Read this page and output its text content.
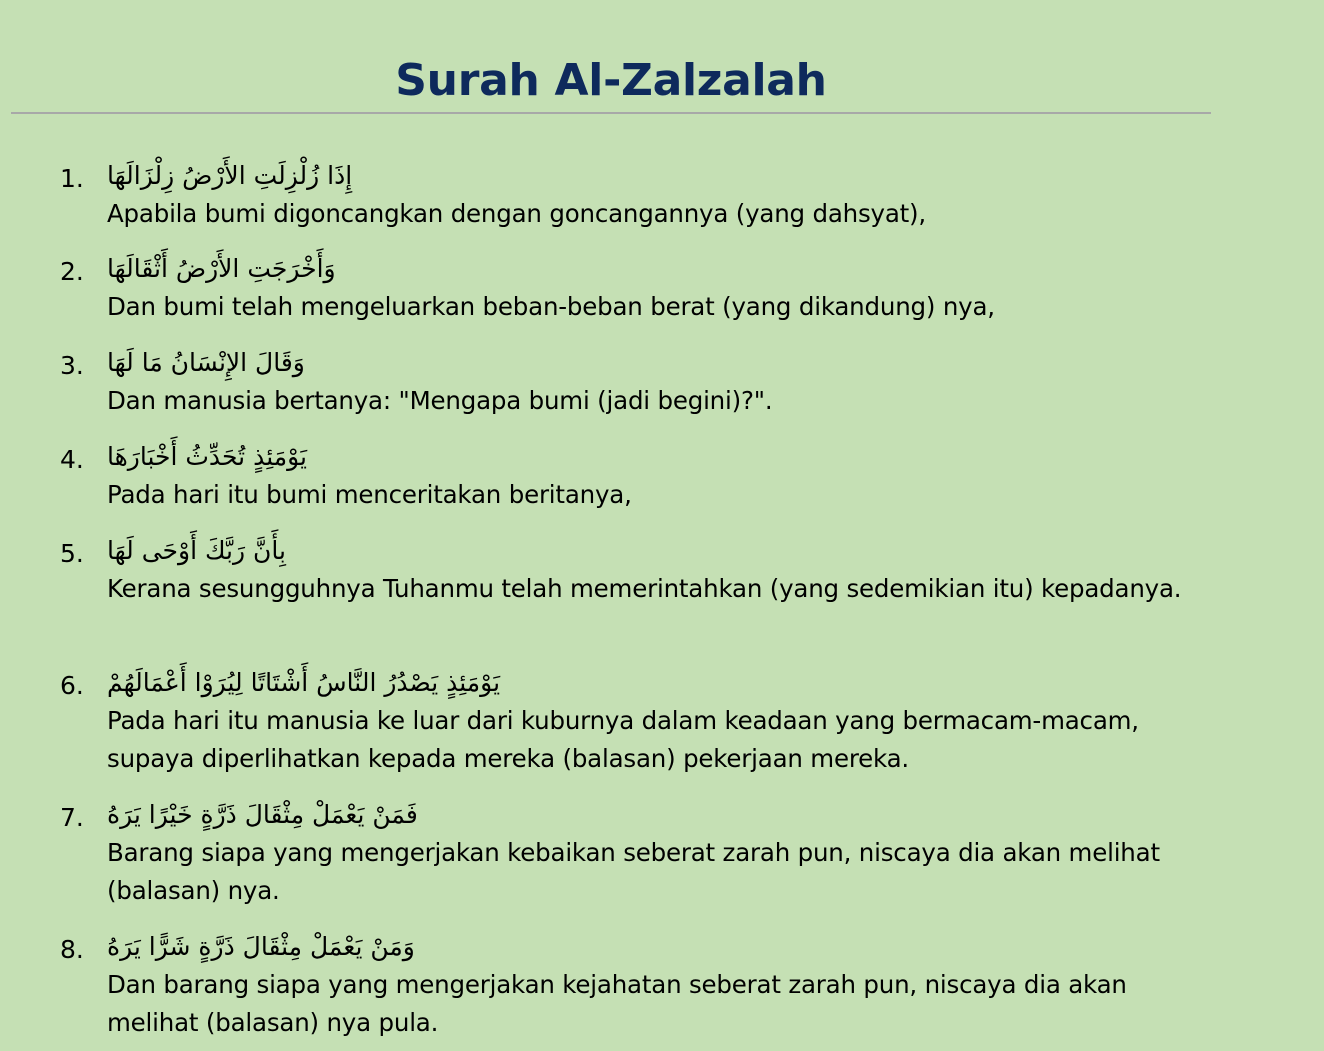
Surah Al-Zalzalah
1. إِذَا زُلْزِلَتِ الأَرْضُ زِلْزَالَهَا

Apabila bumi digoncangkan dengan goncangannya (yang dahsyat),

2. وَأَخْرَجَتِ الأَرْضُ أَثْقَالَهَا

Dan bumi telah mengeluarkan beban-beban berat (yang dikandung) nya,

3. وَقَالَ الإِنْسَانُ مَا لَهَا

Dan manusia bertanya: "Mengapa bumi (jadi begini)?".

4. يَوْمَئِذٍ تُحَدِّثُ أَخْبَارَهَا

Pada hari itu bumi menceritakan beritanya,

5. بِأَنَّ رَبَّكَ أَوْحَى لَهَا

Kerana sesungguhnya Tuhanmu telah memerintahkan (yang sedemikian itu) kepadanya.

6. يَوْمَئِذٍ يَصْدُرُ النَّاسُ أَشْتَاتًا لِيُرَوْا أَعْمَالَهُمْ

Pada hari itu manusia ke luar dari kuburnya dalam keadaan yang bermacam-macam, supaya diperlihatkan kepada mereka (balasan) pekerjaan mereka.

7. فَمَنْ يَعْمَلْ مِثْقَالَ ذَرَّةٍ خَيْرًا يَرَهُ

Barang siapa yang mengerjakan kebaikan seberat zarah pun, niscaya dia akan melihat (balasan) nya.

8. وَمَنْ يَعْمَلْ مِثْقَالَ ذَرَّةٍ شَرًّا يَرَهُ

Dan barang siapa yang mengerjakan kejahatan seberat zarah pun, niscaya dia akan melihat (balasan) nya pula.
